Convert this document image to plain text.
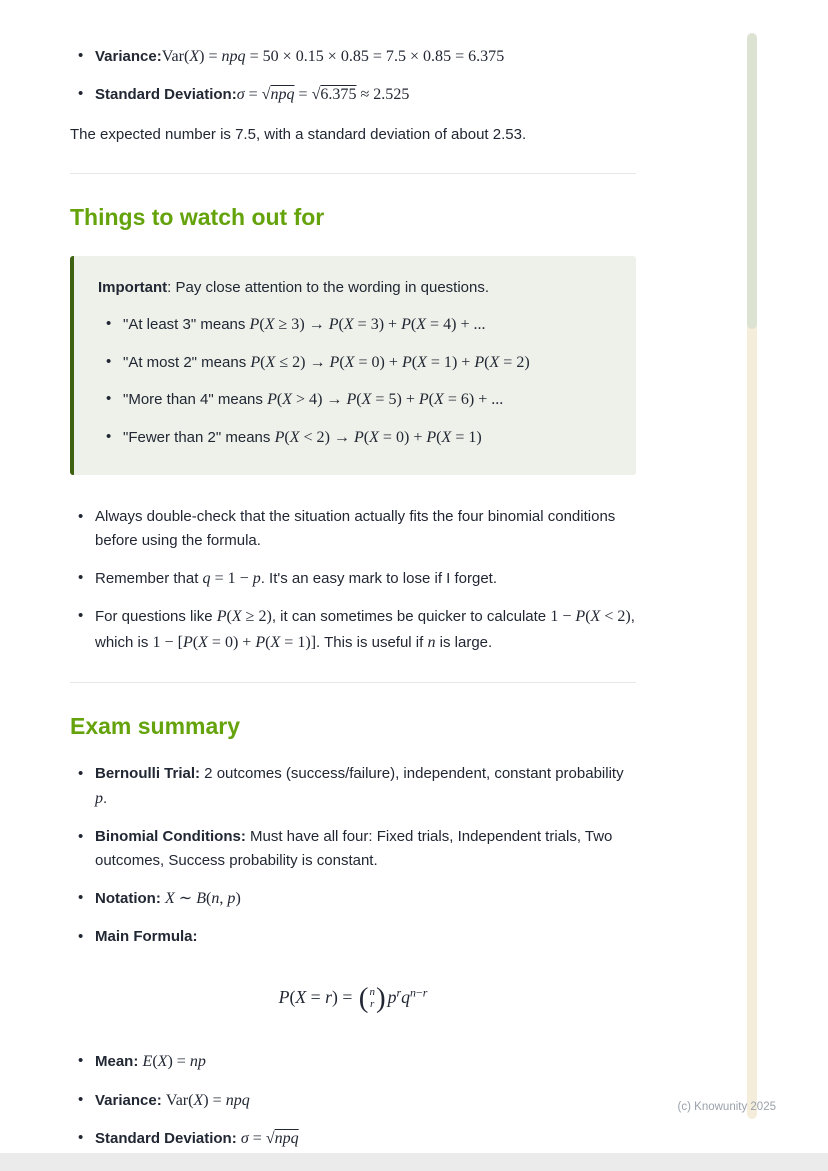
• Variance:Var(X) = npq = 50 × 0.15 × 0.85 = 7.5 × 0.85 = 6.375
• Standard Deviation:σ = √npq = √6.375 ≈ 2.525

The expected number is 7.5, with a standard deviation of about 2.53.

Things to watch out for

Important: Pay close attention to the wording in questions.

• "At least 3" means P(X ≥ 3) → P(X = 3) + P(X = 4) + ...
• "At most 2" means P(X ≤ 2) → P(X = 0) + P(X = 1) + P(X = 2)
• "More than 4" means P(X > 4) → P(X = 5) + P(X = 6) + ...
• "Fewer than 2" means P(X < 2) → P(X = 0) + P(X = 1)
• Always double-check that the situation actually fits the four binomial conditions before using the formula.
• Remember that q = 1 − p. It's an easy mark to lose if I forget.
• For questions like P(X ≥ 2), it can sometimes be quicker to calculate 1 − P(X < 2), which is 1 − [P(X = 0) + P(X = 1)]. This is useful if n is large.
Exam summary
• Bernoulli Trial: 2 outcomes (success/failure), independent, constant probability p.
• Binomial Conditions: Must have all four: Fixed trials, Independent trials, Two outcomes, Success probability is constant.
• Notation: X ∼ B(n, p)
• Main Formula:
P(X = r) = ( n
r ) $p^rq^{n-r}$
• Mean: E(X) = np
• Variance: Var(X) = npq
• Standard Deviation: σ = √npq
(c) Knowunity 2025
